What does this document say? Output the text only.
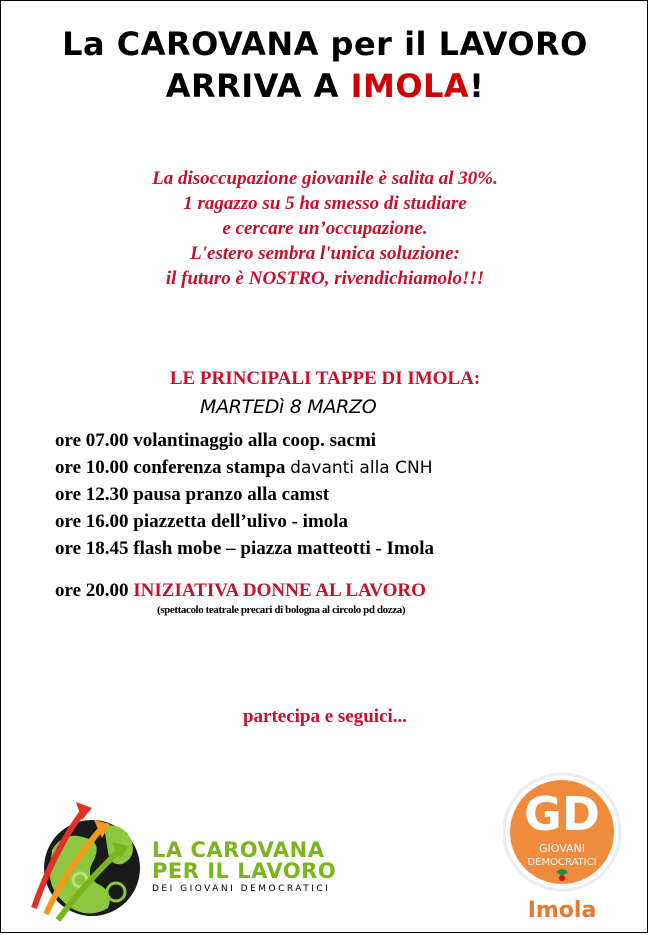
La CAROVANA per il LAVORO
ARRIVA A IMOLA!
La disoccupazione giovanile è salita al 30%.
1 ragazzo su 5 ha smesso di studiare
e cercare un’occupazione.
L'estero sembra l'unica soluzione:
il futuro è NOSTRO, rivendichiamolo!!!
LE PRINCIPALI TAPPE DI IMOLA:
MARTEDì 8 MARZO
ore 07.00 volantinaggio alla coop. sacmi
ore 10.00 conferenza stampa davanti alla CNH
ore 12.30 pausa pranzo alla camst
ore 16.00 piazzetta dell’ulivo - imola
ore 18.45 flash mobe – piazza matteotti - Imola
ore 20.00 INIZIATIVA DONNE AL LAVORO
(spettacolo teatrale precari di bologna al circolo pd dozza)
partecipa e seguici...
LA CAROVANA
PER IL LAVORO
DEI GIOVANI DEMOCRATICI
GD
GIOVANI
DEMOCRATICI
Imola
